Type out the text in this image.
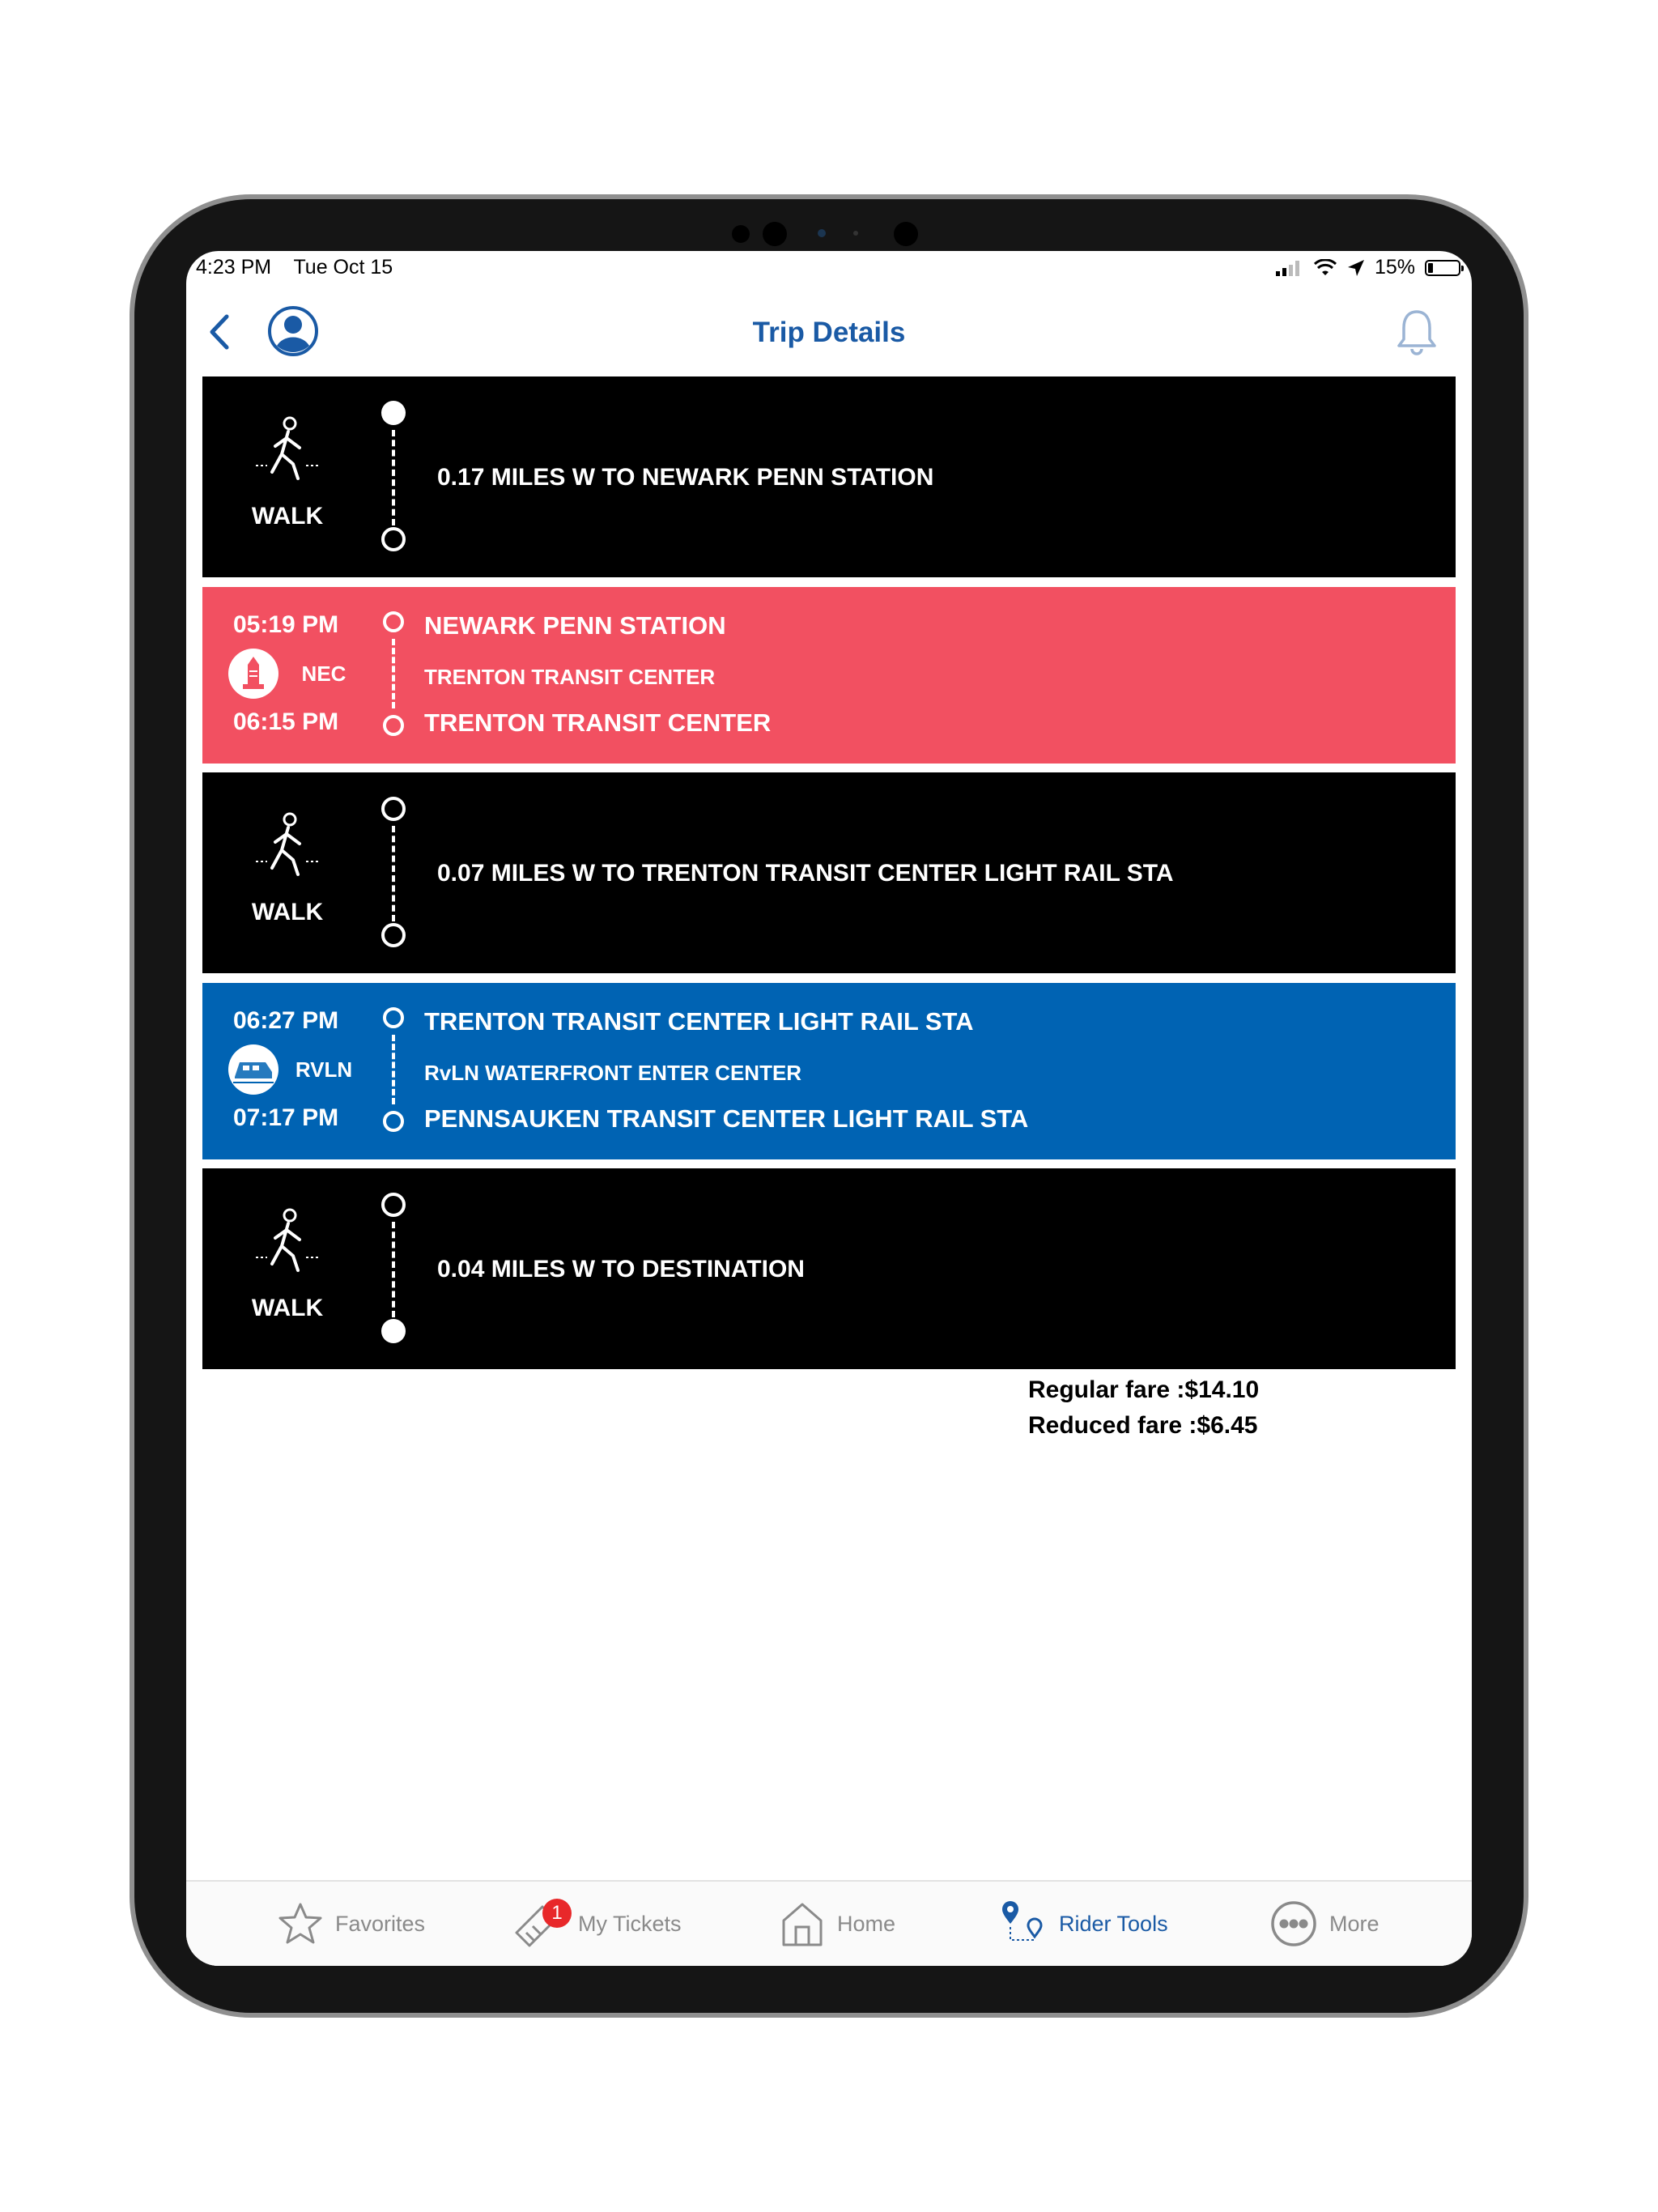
4:23 PM Tue Oct 15	15%
Trip Details
WALK
0.17 MILES W TO NEWARK PENN STATION
05:19 PM
NEC
06:15 PM
NEWARK PENN STATION
TRENTON TRANSIT CENTER
TRENTON TRANSIT CENTER
WALK
0.07 MILES W TO TRENTON TRANSIT CENTER LIGHT RAIL STA
06:27 PM
RVLN
07:17 PM
TRENTON TRANSIT CENTER LIGHT RAIL STA
RvLN WATERFRONT ENTER CENTER
PENNSAUKEN TRANSIT CENTER LIGHT RAIL STA
WALK
0.04 MILES W TO DESTINATION
Regular fare :$14.10
Reduced fare :$6.45
Favorites	1 My Tickets	Home	Rider Tools	More
